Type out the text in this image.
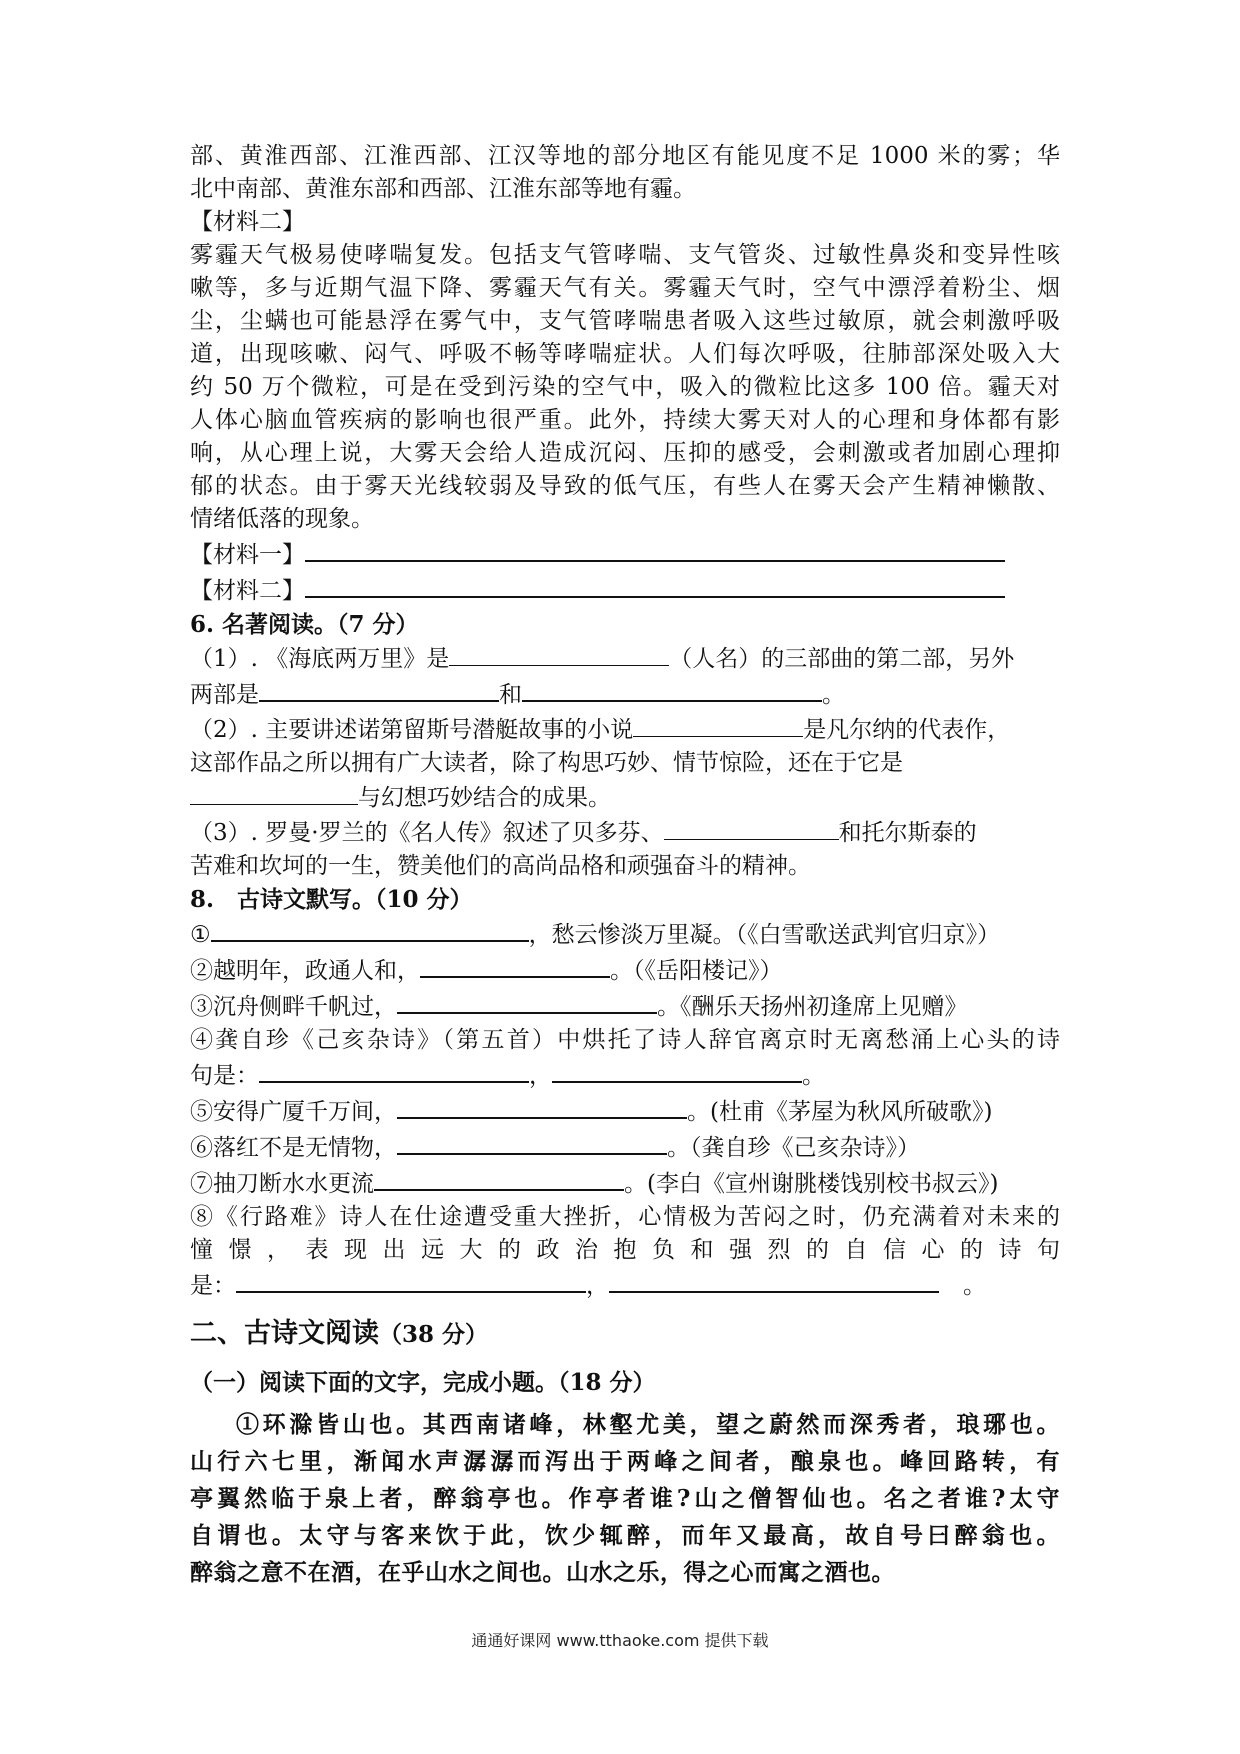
部、黄淮西部、江淮西部、江汉等地的部分地区有能见度不足 1000 米的雾；华
北中南部、黄淮东部和西部、江淮东部等地有霾。
【材料二】
雾霾天气极易使哮喘复发。包括支气管哮喘、支气管炎、过敏性鼻炎和变异性咳
嗽等，多与近期气温下降、雾霾天气有关。雾霾天气时，空气中漂浮着粉尘、烟
尘，尘螨也可能悬浮在雾气中，支气管哮喘患者吸入这些过敏原，就会刺激呼吸
道，出现咳嗽、闷气、呼吸不畅等哮喘症状。人们每次呼吸，往肺部深处吸入大
约 50 万个微粒，可是在受到污染的空气中，吸入的微粒比这多 100 倍。霾天对
人体心脑血管疾病的影响也很严重。此外，持续大雾天对人的心理和身体都有影
响，从心理上说，大雾天会给人造成沉闷、压抑的感受，会刺激或者加剧心理抑
郁的状态。由于雾天光线较弱及导致的低气压，有些人在雾天会产生精神懒散、
情绪低落的现象。
【材料一】
【材料二】
6. 名著阅读。（7 分）
（1）. 《海底两万里》是	（人名）的三部曲的第二部，另外
两部是	和	。
（2）. 主要讲述诺第留斯号潜艇故事的小说	是凡尔纳的代表作，
这部作品之所以拥有广大读者，除了构思巧妙、情节惊险，还在于它是
与幻想巧妙结合的成果。
（3）. 罗曼·罗兰的《名人传》叙述了贝多芬、	和托尔斯泰的
苦难和坎坷的一生，赞美他们的高尚品格和顽强奋斗的精神。
8.　古诗文默写。（10 分）
①	，愁云惨淡万里凝。（《白雪歌送武判官归京》）
②越明年，政通人和，	。（《岳阳楼记》）
③沉舟侧畔千帆过，	。《酬乐天扬州初逢席上见赠》
④龚自珍《己亥杂诗》（第五首）中烘托了诗人辞官离京时无离愁涌上心头的诗
句是：	，	。
⑤安得广厦千万间，	。(杜甫《茅屋为秋风所破歌》)
⑥落红不是无情物，	。（龚自珍《己亥杂诗》）
⑦抽刀断水水更流	。(李白《宣州谢朓楼饯别校书叔云》)
⑧《行路难》诗人在仕途遭受重大挫折，心情极为苦闷之时，仍充满着对未来的
憧憬，表现出远大的政治抱负和强烈的自信心的诗句
是：	，	。
二、古诗文阅读（38 分）
（一）阅读下面的文字，完成小题。（18 分）
①环滁皆山也。其西南诸峰，林壑尤美，望之蔚然而深秀者，琅琊也。
山行六七里，渐闻水声潺潺而泻出于两峰之间者，酿泉也。峰回路转，有
亭翼然临于泉上者，醉翁亭也。作亭者谁?山之僧智仙也。名之者谁?太守
自谓也。太守与客来饮于此，饮少辄醉，而年又最高，故自号曰醉翁也。
醉翁之意不在酒，在乎山水之间也。山水之乐，得之心而寓之酒也。
通通好课网 www.tthaoke.com 提供下载
